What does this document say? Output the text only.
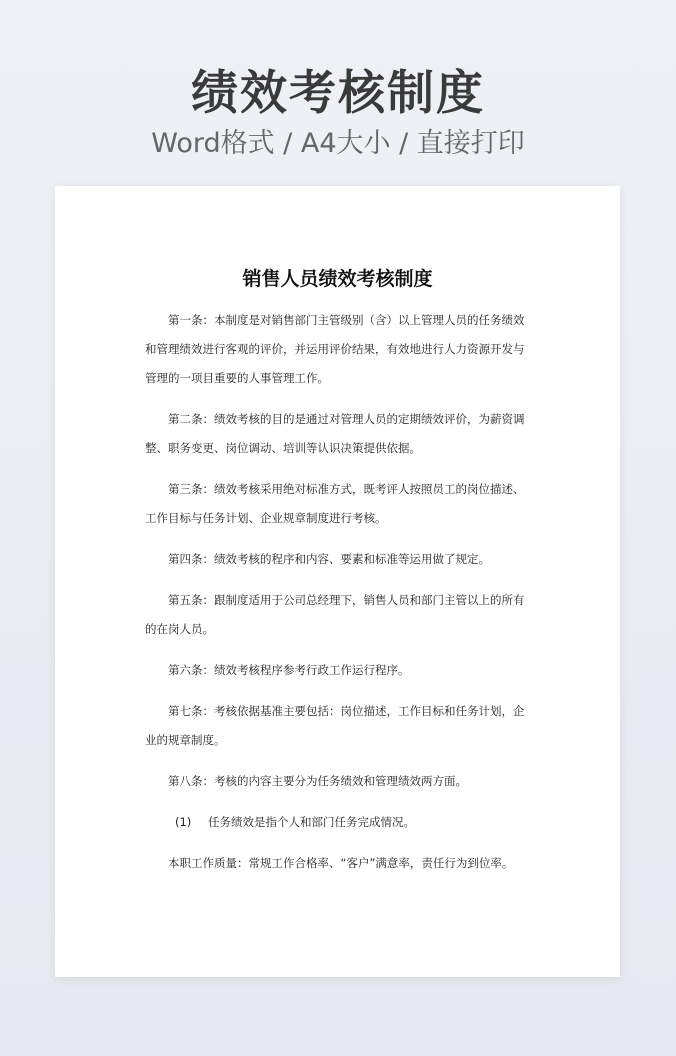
绩效考核制度
Word格式 / A4大小 / 直接打印
销售人员绩效考核制度

第一条：本制度是对销售部门主管级别（含）以上管理人员的任务绩效和管理绩效进行客观的评价，并运用评价结果，有效地进行人力资源开发与管理的一项目重要的人事管理工作。

第二条：绩效考核的目的是通过对管理人员的定期绩效评价，为薪资调整、职务变更、岗位调动、培训等认识决策提供依据。

第三条：绩效考核采用绝对标准方式，既考评人按照员工的岗位描述、工作目标与任务计划、企业规章制度进行考核。

第四条：绩效考核的程序和内容、要素和标准等运用做了规定。

第五条：跟制度适用于公司总经理下，销售人员和部门主管以上的所有的在岗人员。

第六条：绩效考核程序参考行政工作运行程序。

第七条：考核依据基准主要包括：岗位描述，工作目标和任务计划，企业的规章制度。

第八条：考核的内容主要分为任务绩效和管理绩效两方面。

(1) 任务绩效是指个人和部门任务完成情况。

本职工作质量：常规工作合格率、“客户”满意率，责任行为到位率。
